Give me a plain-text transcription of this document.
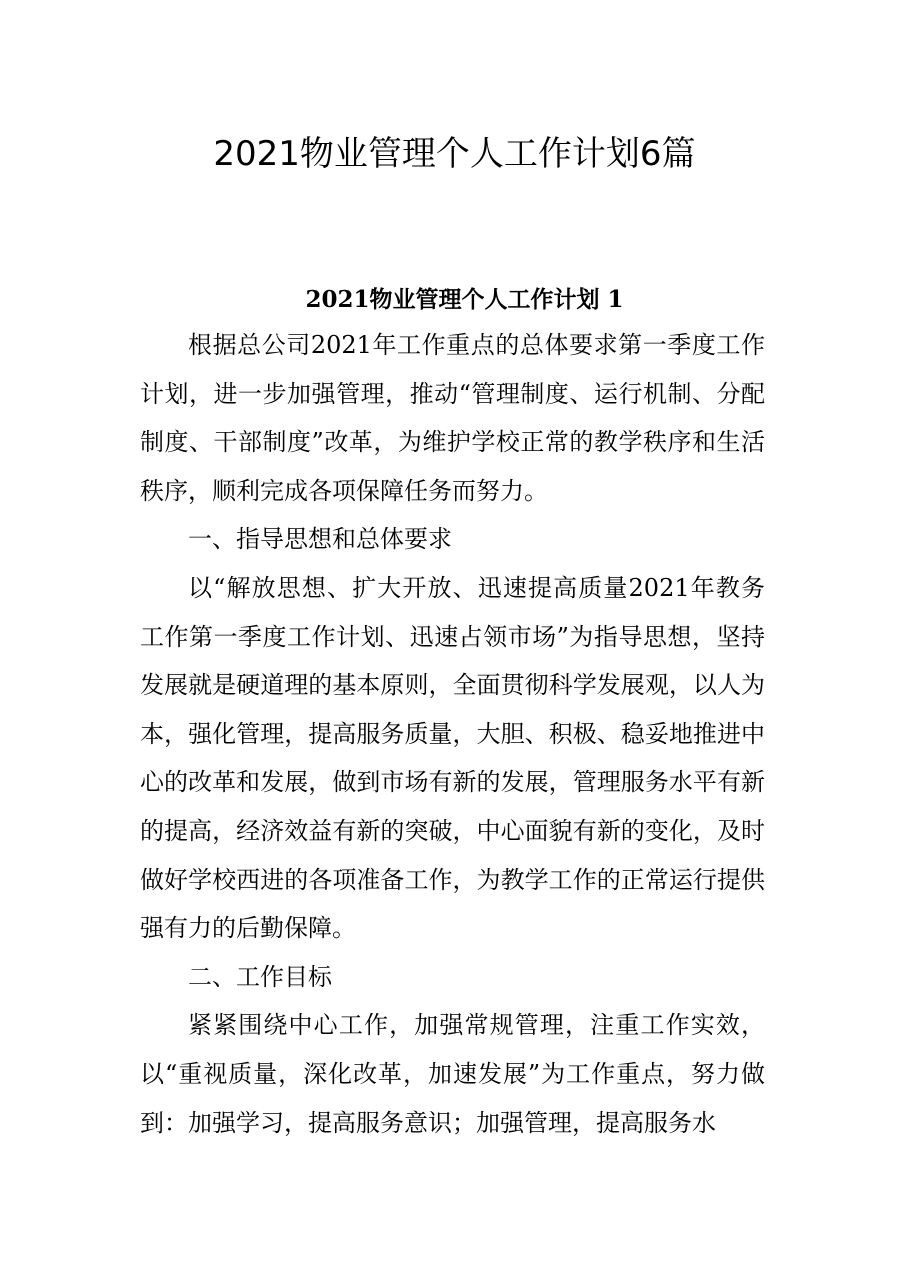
2021物业管理个人工作计划6篇
2021物业管理个人工作计划 1

根据总公司2021年工作重点的总体要求第一季度工作计划，进一步加强管理，推动“管理制度、运行机制、分配制度、干部制度”改革，为维护学校正常的教学秩序和生活秩序，顺利完成各项保障任务而努力。

一、指导思想和总体要求

以“解放思想、扩大开放、迅速提高质量2021年教务工作第一季度工作计划、迅速占领市场”为指导思想，坚持发展就是硬道理的基本原则，全面贯彻科学发展观，以人为本，强化管理，提高服务质量，大胆、积极、稳妥地推进中心的改革和发展，做到市场有新的发展，管理服务水平有新的提高，经济效益有新的突破，中心面貌有新的变化，及时做好学校西进的各项准备工作，为教学工作的正常运行提供强有力的后勤保障。

二、工作目标

紧紧围绕中心工作，加强常规管理，注重工作实效，以“重视质量，深化改革，加速发展”为工作重点，努力做到：加强学习，提高服务意识；加强管理，提高服务水
